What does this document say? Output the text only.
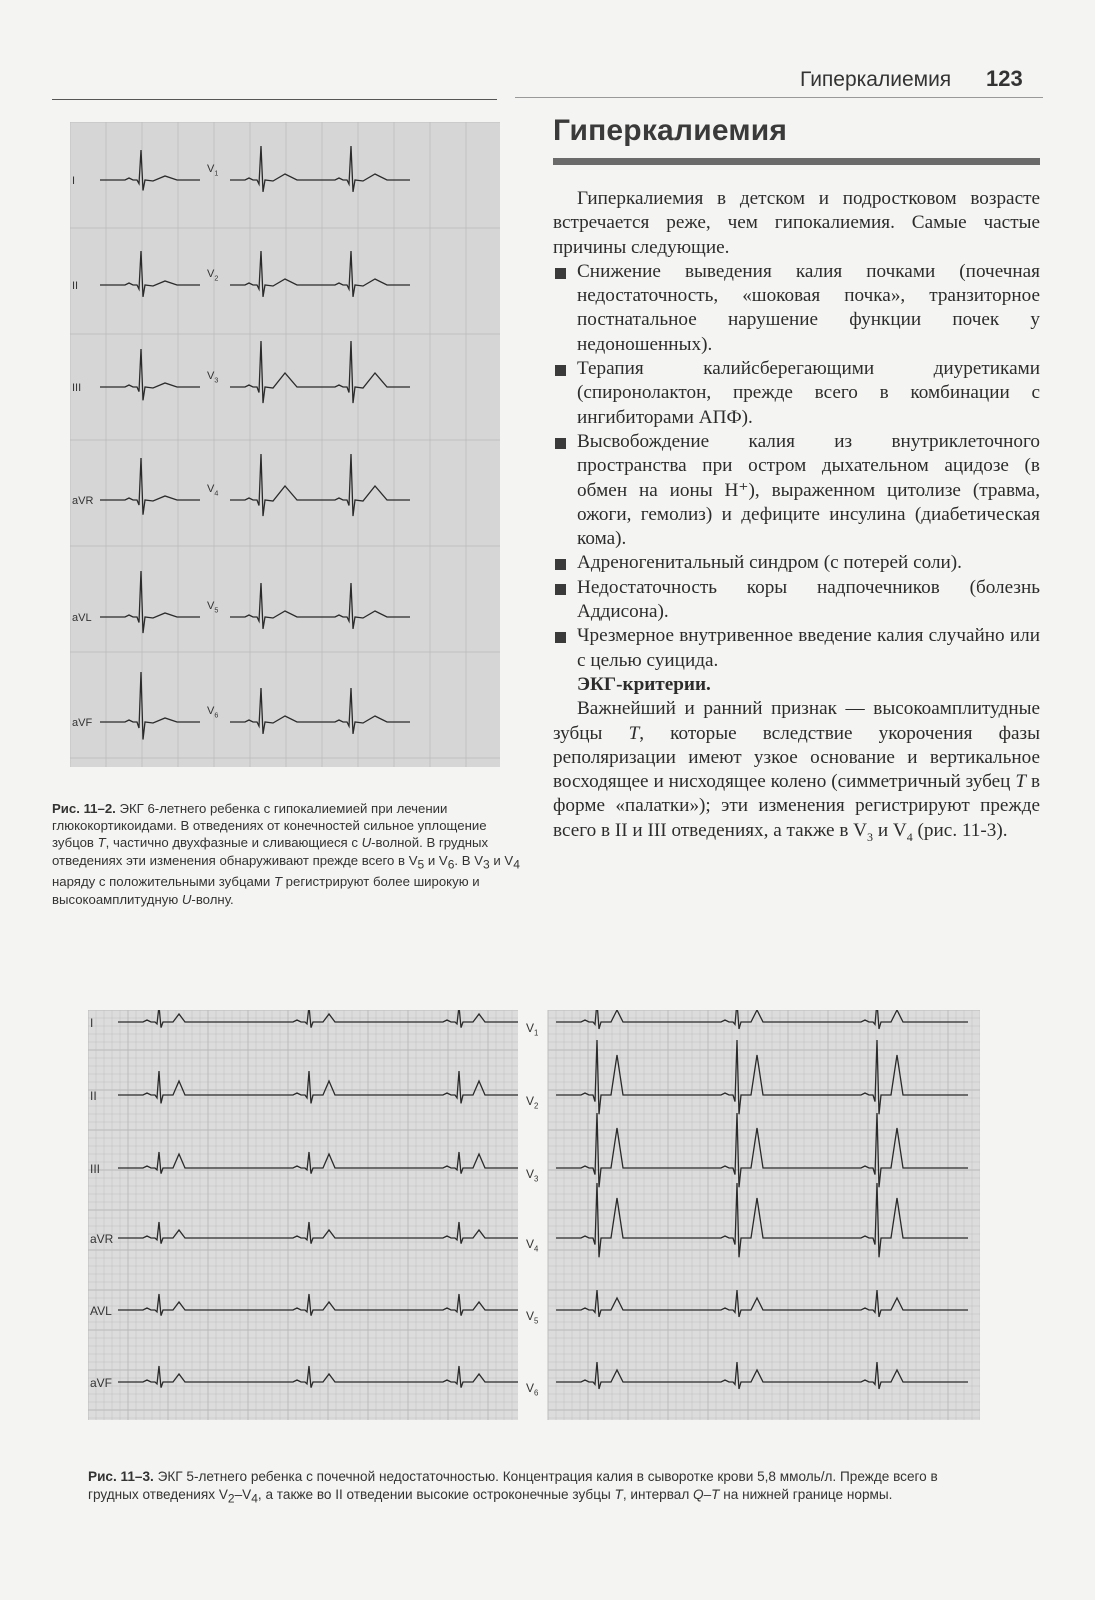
Гиперкалиемия 123
Гиперкалиемия
I
$V_1$
II
$V_2$
III
$V_3$
aVR
$V_4$
aVL
$V_5$
aVF
$V_6$
Рис. 11–2. ЭКГ 6-летнего ребенка с гипокалиемией при лечении глюкокортикоидами. В отведениях от конечностей сильное уплощение зубцов T, частично двухфазные и сливающиеся с U-волной. В грудных отведениях эти изменения обнаруживают прежде всего в $V_5$ и $V_6$. В $V_3$ и $V_4$ наряду с положительными зубцами T регистрируют более широкую и высокоамплитудную U-волну.

Гиперкалиемия в детском и подростковом возрасте встречается реже, чем гипокалиемия. Самые частые причины следующие.

Снижение выведения калия почками (почечная недостаточность, «шоковая почка», транзиторное постнатальное нарушение функции почек у недоношенных).
Терапия калийсберегающими диуретиками (спиронолактон, прежде всего в комбинации с ингибиторами АПФ).
Высвобождение калия из внутриклеточного пространства при остром дыхательном ацидозе (в обмен на ионы H⁺), выраженном цитолизе (травма, ожоги, гемолиз) и дефиците инсулина (диабетическая кома).
Адреногенитальный синдром (с потерей соли).
Недостаточность коры надпочечников (болезнь Аддисона).
Чрезмерное внутривенное введение калия случайно или с целью суицида.
ЭКГ-критерии.

Важнейший и ранний признак — высокоамплитудные зубцы T, которые вследствие укорочения фазы реполяризации имеют узкое основание и вертикальное восходящее и нисходящее колено (симметричный зубец T в форме «палатки»); эти изменения регистрируют прежде всего в II и III отведениях, а также в $V_3$ и $V_4$ (рис. 11-3).

I	$V_1$
II	$V_2$
III	$V_3$
aVR	$V_4$
AVL	$V_5$
aVF	$V_6$
Рис. 11–3. ЭКГ 5-летнего ребенка с почечной недостаточностью. Концентрация калия в сыворотке крови 5,8 ммоль/л. Прежде всего в грудных отведениях $V_2-V_4$, а также во II отведении высокие остроконечные зубцы T, интервал Q–T на нижней границе нормы.
